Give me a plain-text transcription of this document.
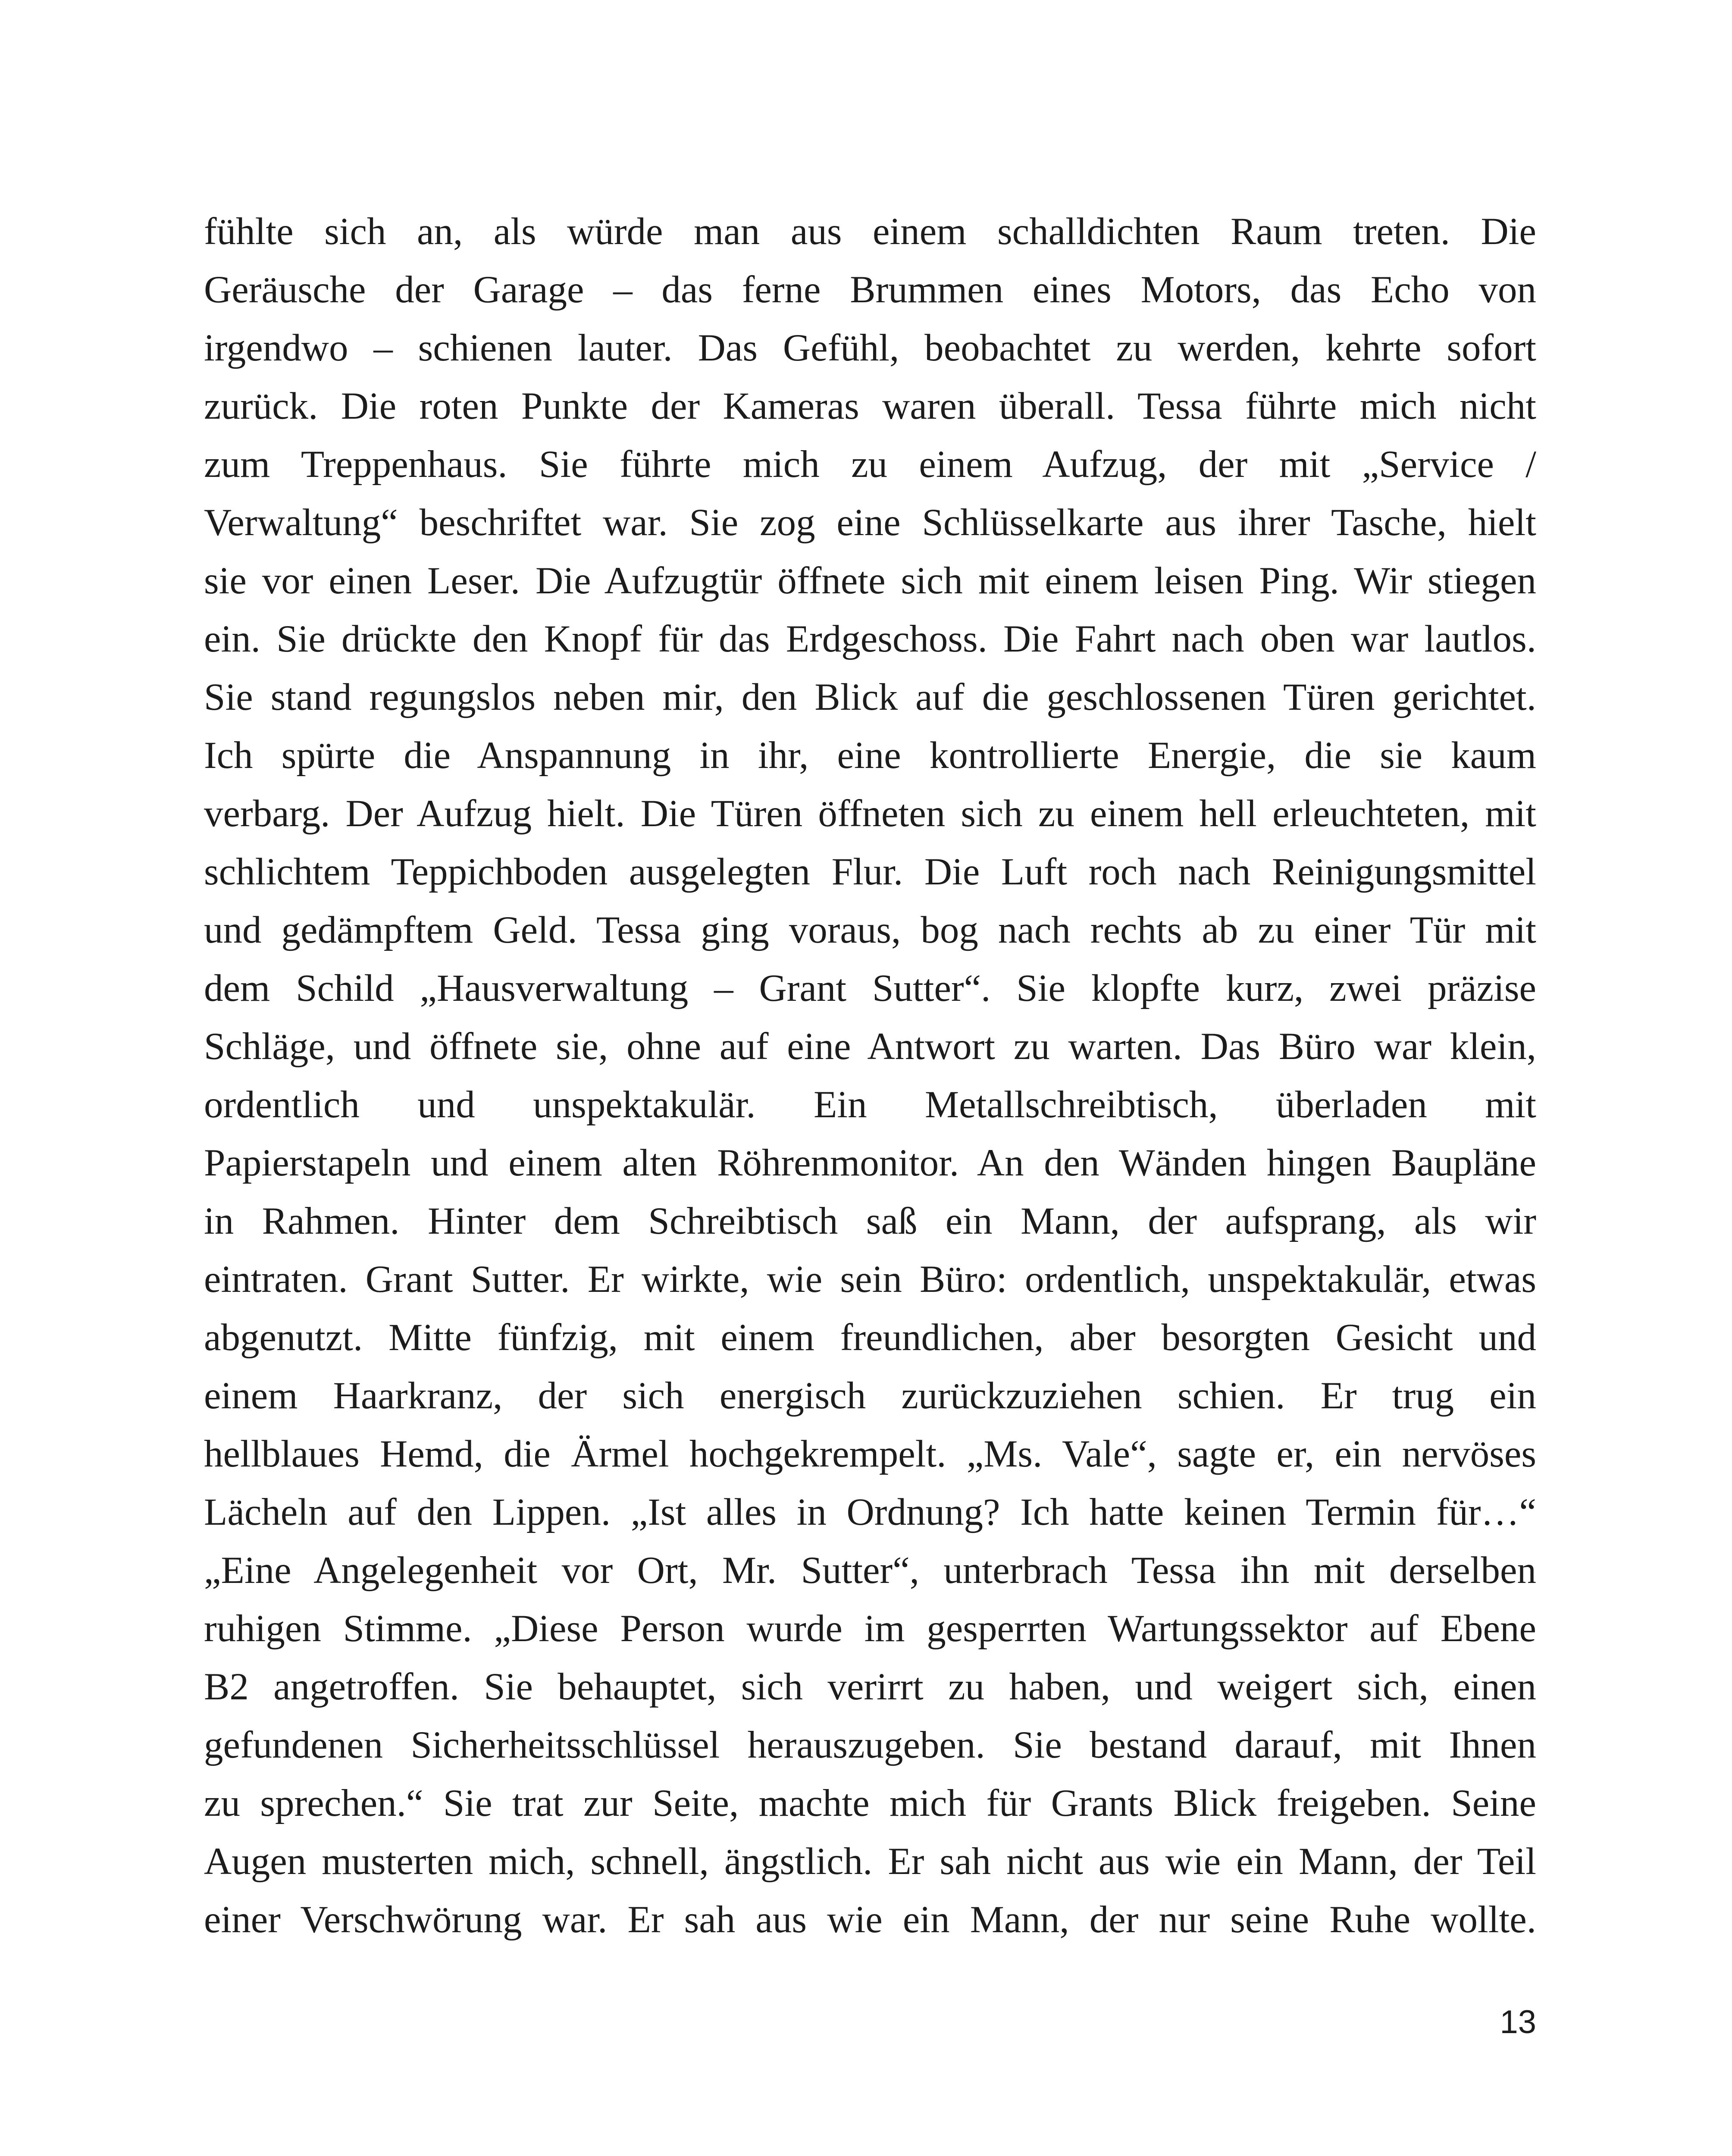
fühlte sich an, als würde man aus einem schalldichten Raum treten. Die
Geräusche der Garage – das ferne Brummen eines Motors, das Echo von
irgendwo – schienen lauter. Das Gefühl, beobachtet zu werden, kehrte sofort
zurück. Die roten Punkte der Kameras waren überall. Tessa führte mich nicht
zum Treppenhaus. Sie führte mich zu einem Aufzug, der mit „Service /
Verwaltung“ beschriftet war. Sie zog eine Schlüsselkarte aus ihrer Tasche, hielt
sie vor einen Leser. Die Aufzugtür öffnete sich mit einem leisen Ping. Wir stiegen
ein. Sie drückte den Knopf für das Erdgeschoss. Die Fahrt nach oben war lautlos.
Sie stand regungslos neben mir, den Blick auf die geschlossenen Türen gerichtet.
Ich spürte die Anspannung in ihr, eine kontrollierte Energie, die sie kaum
verbarg. Der Aufzug hielt. Die Türen öffneten sich zu einem hell erleuchteten, mit
schlichtem Teppichboden ausgelegten Flur. Die Luft roch nach Reinigungsmittel
und gedämpftem Geld. Tessa ging voraus, bog nach rechts ab zu einer Tür mit
dem Schild „Hausverwaltung – Grant Sutter“. Sie klopfte kurz, zwei präzise
Schläge, und öffnete sie, ohne auf eine Antwort zu warten. Das Büro war klein,
ordentlich und unspektakulär. Ein Metallschreibtisch, überladen mit
Papierstapeln und einem alten Röhrenmonitor. An den Wänden hingen Baupläne
in Rahmen. Hinter dem Schreibtisch saß ein Mann, der aufsprang, als wir
eintraten. Grant Sutter. Er wirkte, wie sein Büro: ordentlich, unspektakulär, etwas
abgenutzt. Mitte fünfzig, mit einem freundlichen, aber besorgten Gesicht und
einem Haarkranz, der sich energisch zurückzuziehen schien. Er trug ein
hellblaues Hemd, die Ärmel hochgekrempelt. „Ms. Vale“, sagte er, ein nervöses
Lächeln auf den Lippen. „Ist alles in Ordnung? Ich hatte keinen Termin für…“
„Eine Angelegenheit vor Ort, Mr. Sutter“, unterbrach Tessa ihn mit derselben
ruhigen Stimme. „Diese Person wurde im gesperrten Wartungssektor auf Ebene
B2 angetroffen. Sie behauptet, sich verirrt zu haben, und weigert sich, einen
gefundenen Sicherheitsschlüssel herauszugeben. Sie bestand darauf, mit Ihnen
zu sprechen.“ Sie trat zur Seite, machte mich für Grants Blick freigeben. Seine
Augen musterten mich, schnell, ängstlich. Er sah nicht aus wie ein Mann, der Teil
einer Verschwörung war. Er sah aus wie ein Mann, der nur seine Ruhe wollte.
13
